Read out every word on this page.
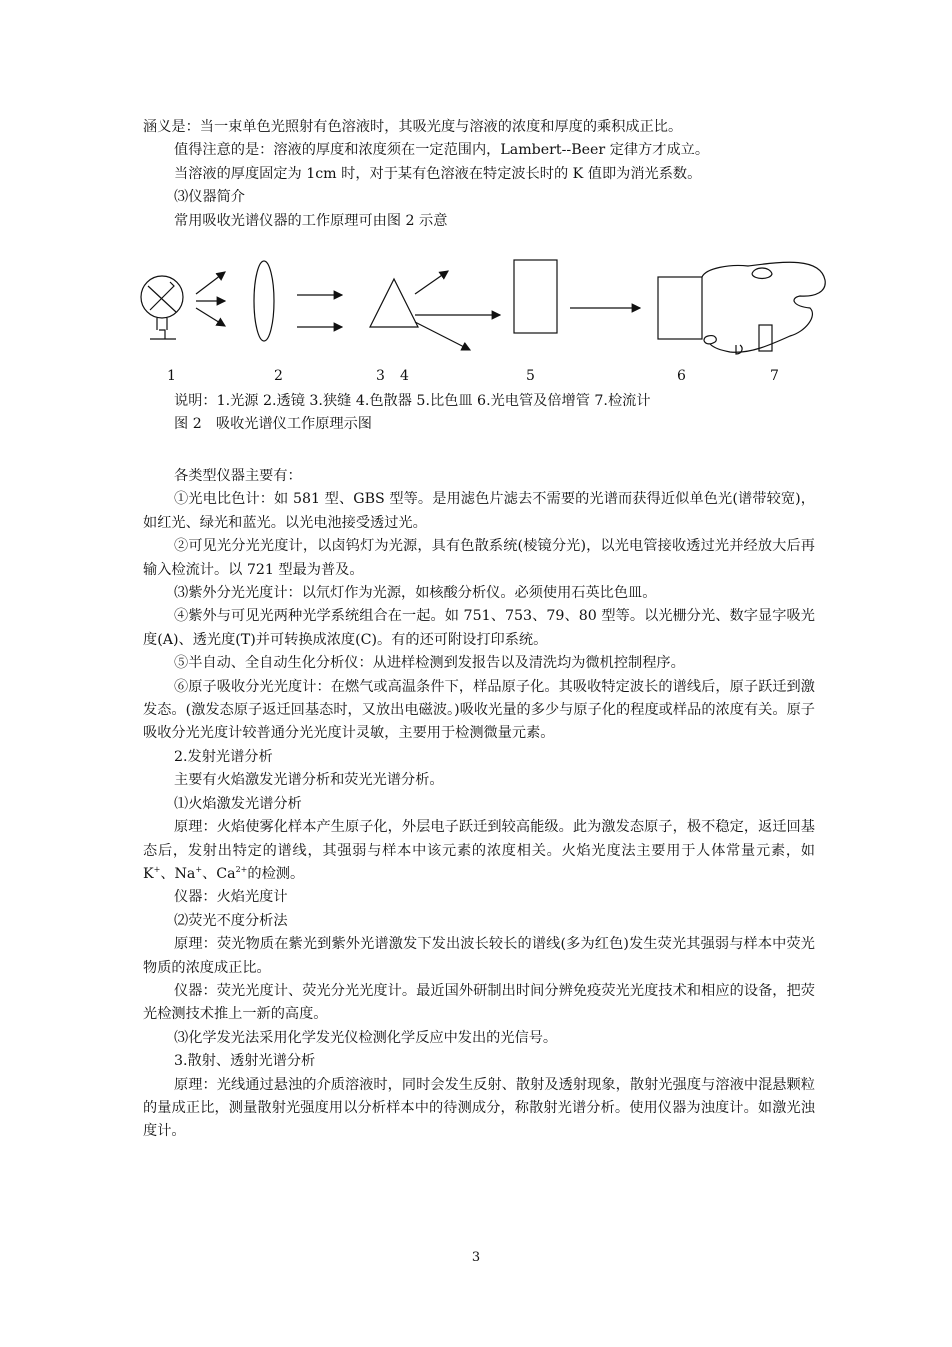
涵义是：当一束单色光照射有色溶液时，其吸光度与溶液的浓度和厚度的乘积成正比。

值得注意的是：溶液的厚度和浓度须在一定范围内，Lambert--Beer 定律方才成立。

当溶液的厚度固定为 1cm 时，对于某有色溶液在特定波长时的 K 值即为消光系数。

⑶仪器简介

常用吸收光谱仪器的工作原理可由图 2 示意

1	2	3 4	5	6	7

说明：1.光源 2.透镜 3.狭缝 4.色散器 5.比色皿 6.光电管及倍增管 7.检流计

图 2　吸收光谱仪工作原理示图

各类型仪器主要有：

①光电比色计：如 581 型、GBS 型等。是用滤色片滤去不需要的光谱而获得近似单色光(谱带较宽)，如红光、绿光和蓝光。以光电池接受透过光。

②可见光分光光度计，以卤钨灯为光源，具有色散系统(棱镜分光)，以光电管接收透过光并经放大后再输入检流计。以 721 型最为普及。

⑶紫外分光光度计：以氘灯作为光源，如核酸分析仪。必须使用石英比色皿。

④紫外与可见光两种光学系统组合在一起。如 751、753、79、80 型等。以光栅分光、数字显字吸光度(A)、透光度(T)并可转换成浓度(C)。有的还可附设打印系统。

⑤半自动、全自动生化分析仪：从进样检测到发报告以及清洗均为微机控制程序。

⑥原子吸收分光光度计：在燃气或高温条件下，样品原子化。其吸收特定波长的谱线后，原子跃迁到激发态。(激发态原子返迁回基态时，又放出电磁波。)吸收光量的多少与原子化的程度或样品的浓度有关。原子吸收分光光度计较普通分光光度计灵敏，主要用于检测微量元素。

2.发射光谱分析

主要有火焰激发光谱分析和荧光光谱分析。

⑴火焰激发光谱分析

原理：火焰使雾化样本产生原子化，外层电子跃迁到较高能级。此为激发态原子，极不稳定，返迁回基态后，发射出特定的谱线，其强弱与样本中该元素的浓度相关。火焰光度法主要用于人体常量元素，如 K+、Na+、$Ca^{2+}$的检测。

仪器：火焰光度计

⑵荧光不度分析法

原理：荧光物质在紫光到紫外光谱激发下发出波长较长的谱线(多为红色)发生荧光其强弱与样本中荧光物质的浓度成正比。

仪器：荧光光度计、荧光分光光度计。最近国外研制出时间分辨免疫荧光光度技术和相应的设备，把荧光检测技术推上一新的高度。

⑶化学发光法采用化学发光仪检测化学反应中发出的光信号。

3.散射、透射光谱分析

原理：光线通过悬浊的介质溶液时，同时会发生反射、散射及透射现象，散射光强度与溶液中混悬颗粒的量成正比，测量散射光强度用以分析样本中的待测成分，称散射光谱分析。使用仪器为浊度计。如激光浊度计。

3
